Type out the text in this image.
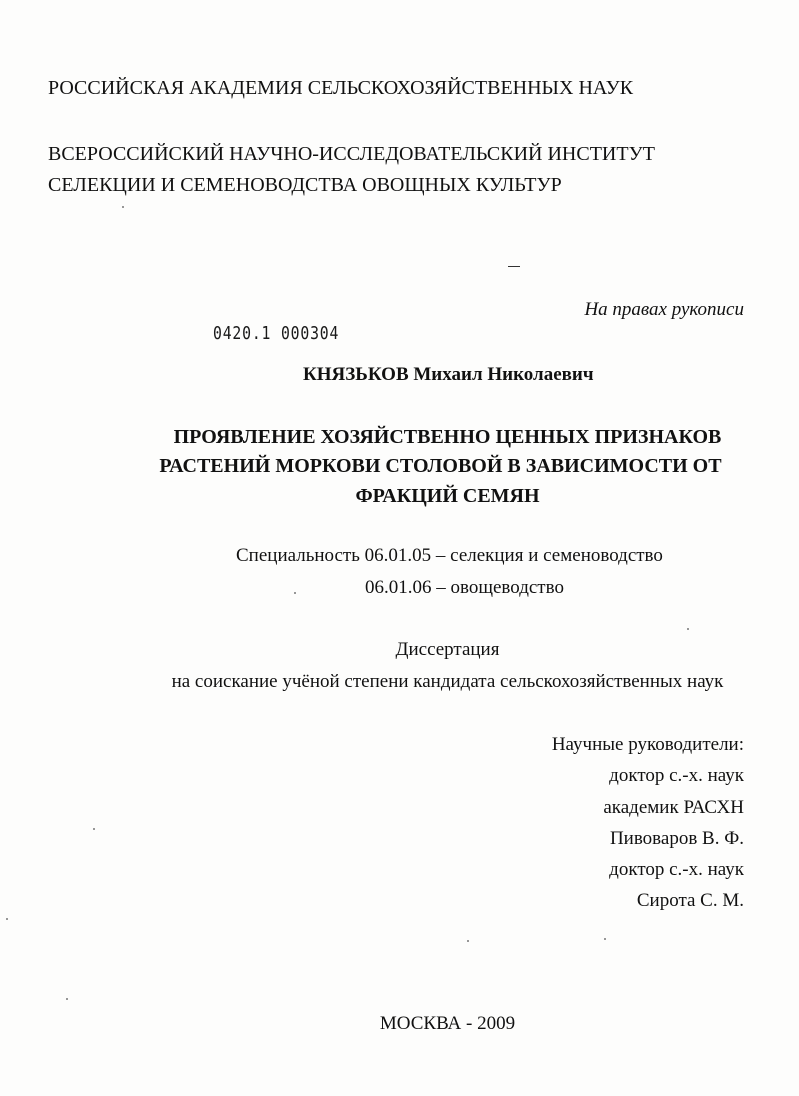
РОССИЙСКАЯ АКАДЕМИЯ СЕЛЬСКОХОЗЯЙСТВЕННЫХ НАУК
ВСЕРОССИЙСКИЙ НАУЧНО-ИССЛЕДОВАТЕЛЬСКИЙ ИНСТИТУТ
СЕЛЕКЦИИ И СЕМЕНОВОДСТВА ОВОЩНЫХ КУЛЬТУР
На правах рукописи
0420.1 000304
КНЯЗЬКОВ Михаил Николаевич
ПРОЯВЛЕНИЕ ХОЗЯЙСТВЕННО ЦЕННЫХ ПРИЗНАКОВ
РАСТЕНИЙ МОРКОВИ СТОЛОВОЙ В ЗАВИСИМОСТИ ОТ
ФРАКЦИЙ СЕМЯН
Специальность 06.01.05 – селекция и семеноводство
06.01.06 – овощеводство
Диссертация
на соискание учёной степени кандидата сельскохозяйственных наук
Научные руководители:
доктор с.-х. наук
академик РАСХН
Пивоваров В. Ф.
доктор с.-х. наук
Сирота С. М.
МОСКВА - 2009
